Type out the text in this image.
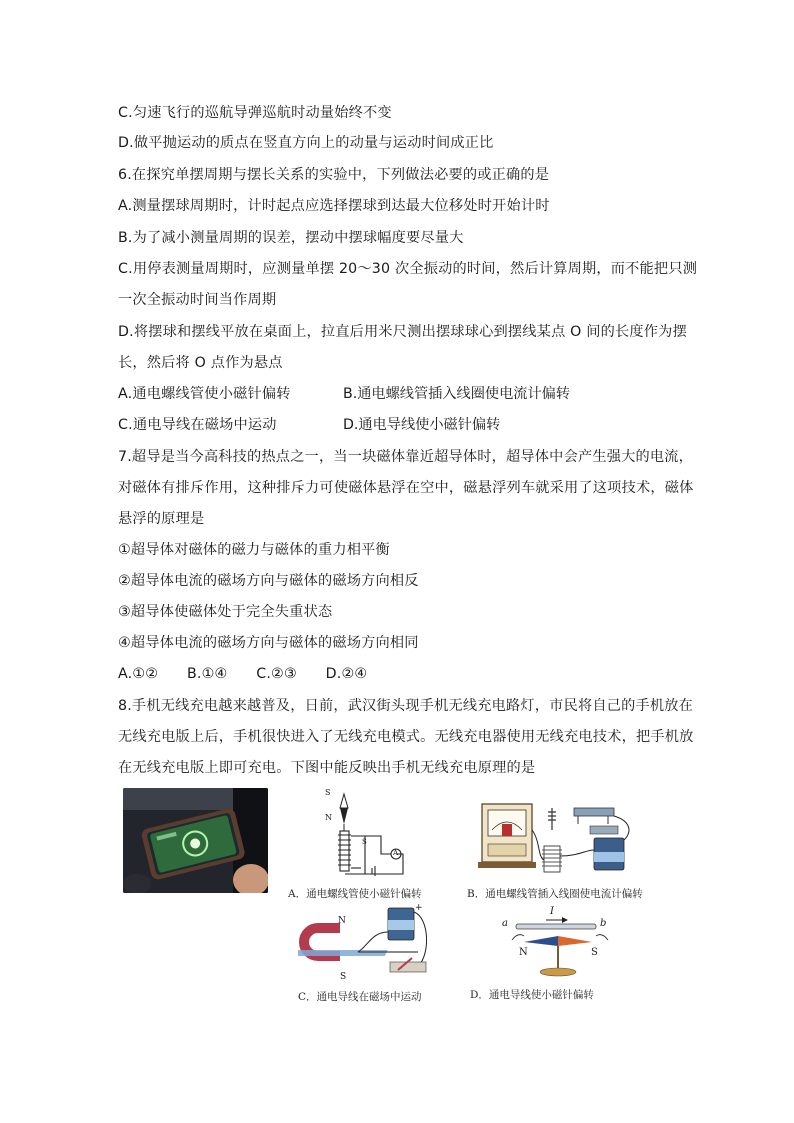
C.匀速飞行的巡航导弹巡航时动量始终不变
D.做平抛运动的质点在竖直方向上的动量与运动时间成正比
6.在探究单摆周期与摆长关系的实验中，下列做法必要的或正确的是
A.测量摆球周期时，计时起点应选择摆球到达最大位移处时开始计时
B.为了减小测量周期的误差，摆动中摆球幅度要尽量大
C.用停表测量周期时，应测量单摆 20～30 次全振动的时间，然后计算周期，而不能把只测
一次全振动时间当作周期
D.将摆球和摆线平放在桌面上，拉直后用米尺测出摆球球心到摆线某点 O 间的长度作为摆
长，然后将 O 点作为悬点
A.通电螺线管使小磁针偏转	B.通电螺线管插入线圈使电流计偏转
C.通电导线在磁场中运动	D.通电导线使小磁针偏转
7.超导是当今高科技的热点之一，当一块磁体靠近超导体时，超导体中会产生强大的电流，
对磁体有排斥作用，这种排斥力可使磁体悬浮在空中，磁悬浮列车就采用了这项技术，磁体
悬浮的原理是
①超导体对磁体的磁力与磁体的重力相平衡
②超导体电流的磁场方向与磁体的磁场方向相反
③超导体使磁体处于完全失重状态
④超导体电流的磁场方向与磁体的磁场方向相同
A.①②　　B.①④　　C.②③　　D.②④
8.手机无线充电越来越普及，日前，武汉街头现手机无线充电路灯，市民将自己的手机放在
无线充电版上后，手机很快进入了无线充电模式。无线充电器使用无线充电技术，把手机放
在无线充电版上即可充电。下图中能反映出手机无线充电原理的是
S
N
S
A
A．通电螺线管使小磁针偏转	B．通电螺线管插入线圈使电流计偏转
N
S
+
C．通电导线在磁场中运动
a	b
I
N	S
D．通电导线使小磁针偏转
